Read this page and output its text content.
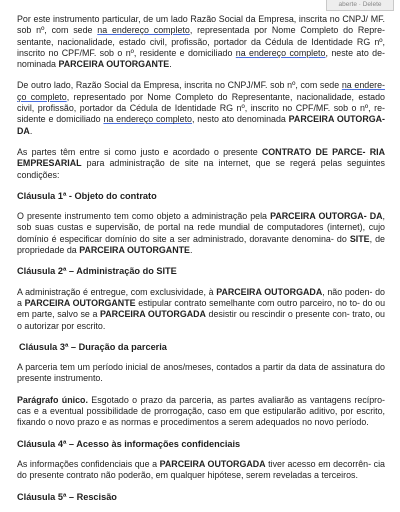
aberte · Delete

Por este instrumento particular, de um lado Razão Social da Empresa, inscrita no CNPJ/ MF. sob nº, com sede na endereço completo, representada por Nome Completo do Repre- sentante, nacionalidade, estado civil, profissão, portador da Cédula de Identidade RG nº, inscrito no CPF/MF. sob o nº, residente e domiciliado na endereço completo, neste ato de- nominada PARCEIRA OUTORGANTE.

De outro lado, Razão Social da Empresa, inscrita no CNPJ/MF. sob nº, com sede na endere- ço completo, representado por Nome Completo do Representante, nacionalidade, estado civil, profissão, portador da Cédula de Identidade RG nº, inscrito no CPF/MF. sob o nº, re- sidente e domiciliado na endereço completo, nesto ato denominada PARCEIRA OUTORGA- DA.

As partes têm entre si como justo e acordado o presente CONTRATO DE PARCE- RIA EMPRESARIAL para administração de site na internet, que se regerá pelas seguintes condições:

Cláusula 1ª - Objeto do contrato

O presente instrumento tem como objeto a administração pela PARCEIRA OUTORGA- DA, sob suas custas e supervisão, de portal na rede mundial de computadores (internet), cujo domínio é especificar domínio do site a ser administrado, doravante denomina- do SITE, de propriedade da PARCEIRA OUTORGANTE.

Cláusula 2ª – Administração do SITE

A administração é entregue, com exclusividade, à PARCEIRA OUTORGADA, não poden- do a PARCEIRA OUTORGANTE estipular contrato semelhante com outro parceiro, no to- do ou em parte, salvo se a PARCEIRA OUTORGADA desistir ou rescindir o presente con- trato, ou o autorizar por escrito.

Cláusula 3ª – Duração da parceria

A parceria tem um período inicial de anos/meses, contados a partir da data de assinatura do presente instrumento.

Parágrafo único. Esgotado o prazo da parceria, as partes avaliarão as vantagens recípro- cas e a eventual possibilidade de prorrogação, caso em que estipularão aditivo, por escrito, fixando o novo prazo e as normas e procedimentos a serem adequados no novo período.

Cláusula 4ª – Acesso às informações confidenciais

As informações confidenciais que a PARCEIRA OUTORGADA tiver acesso em decorrên- cia do presente contrato não poderão, em qualquer hipótese, serem reveladas a terceiros.

Cláusula 5ª – Rescisão
